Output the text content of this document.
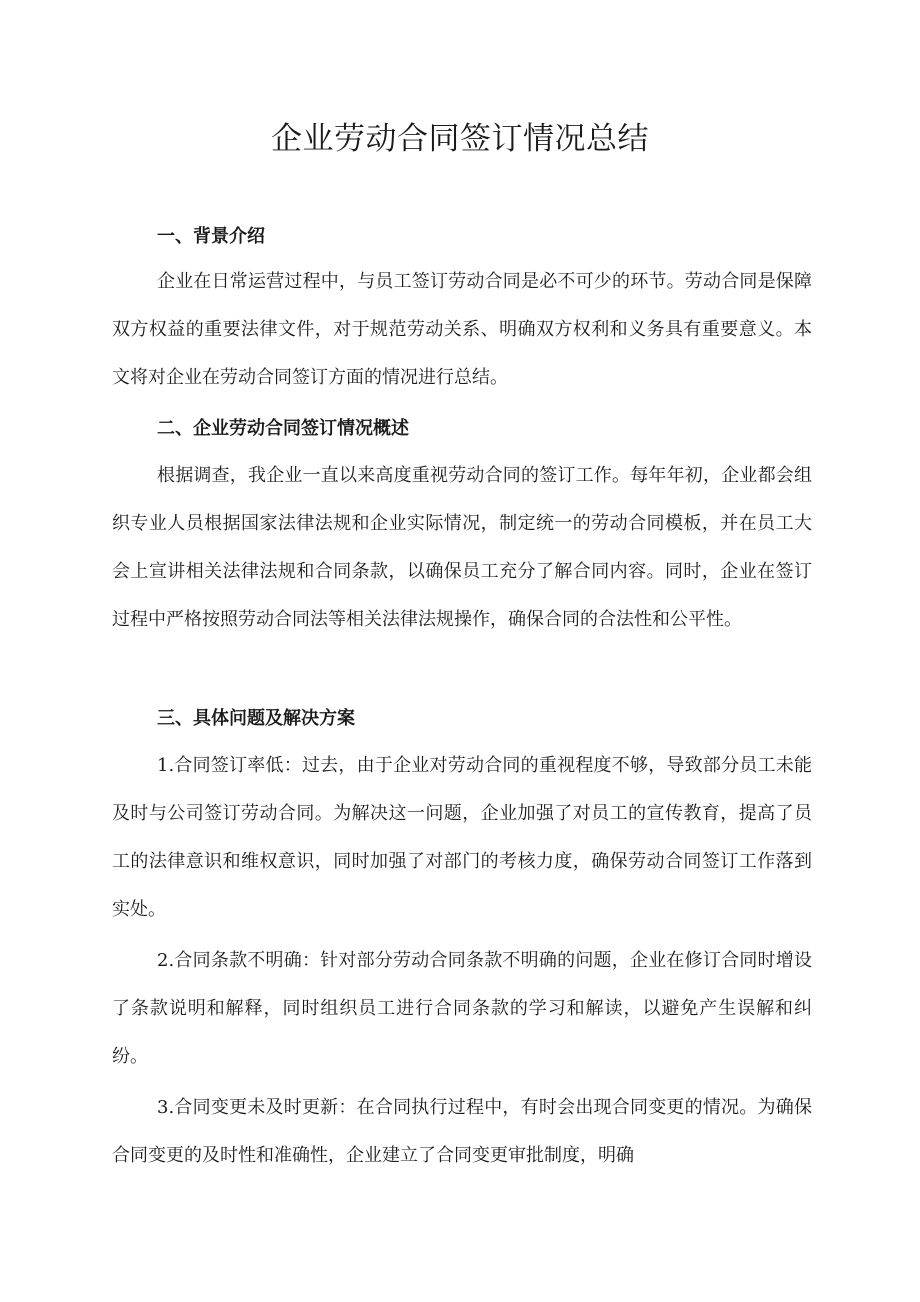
企业劳动合同签订情况总结
一、背景介绍

企业在日常运营过程中，与员工签订劳动合同是必不可少的环节。劳动合同是保障双方权益的重要法律文件，对于规范劳动关系、明确双方权利和义务具有重要意义。本文将对企业在劳动合同签订方面的情况进行总结。

二、企业劳动合同签订情况概述

根据调查，我企业一直以来高度重视劳动合同的签订工作。每年年初，企业都会组织专业人员根据国家法律法规和企业实际情况，制定统一的劳动合同模板，并在员工大会上宣讲相关法律法规和合同条款，以确保员工充分了解合同内容。同时，企业在签订过程中严格按照劳动合同法等相关法律法规操作，确保合同的合法性和公平性。

三、具体问题及解决方案

1.合同签订率低：过去，由于企业对劳动合同的重视程度不够，导致部分员工未能及时与公司签订劳动合同。为解决这一问题，企业加强了对员工的宣传教育，提高了员工的法律意识和维权意识，同时加强了对部门的考核力度，确保劳动合同签订工作落到实处。

2.合同条款不明确：针对部分劳动合同条款不明确的问题，企业在修订合同时增设了条款说明和解释，同时组织员工进行合同条款的学习和解读，以避免产生误解和纠纷。

3.合同变更未及时更新：在合同执行过程中，有时会出现合同变更的情况。为确保合同变更的及时性和准确性，企业建立了合同变更审批制度，明确
